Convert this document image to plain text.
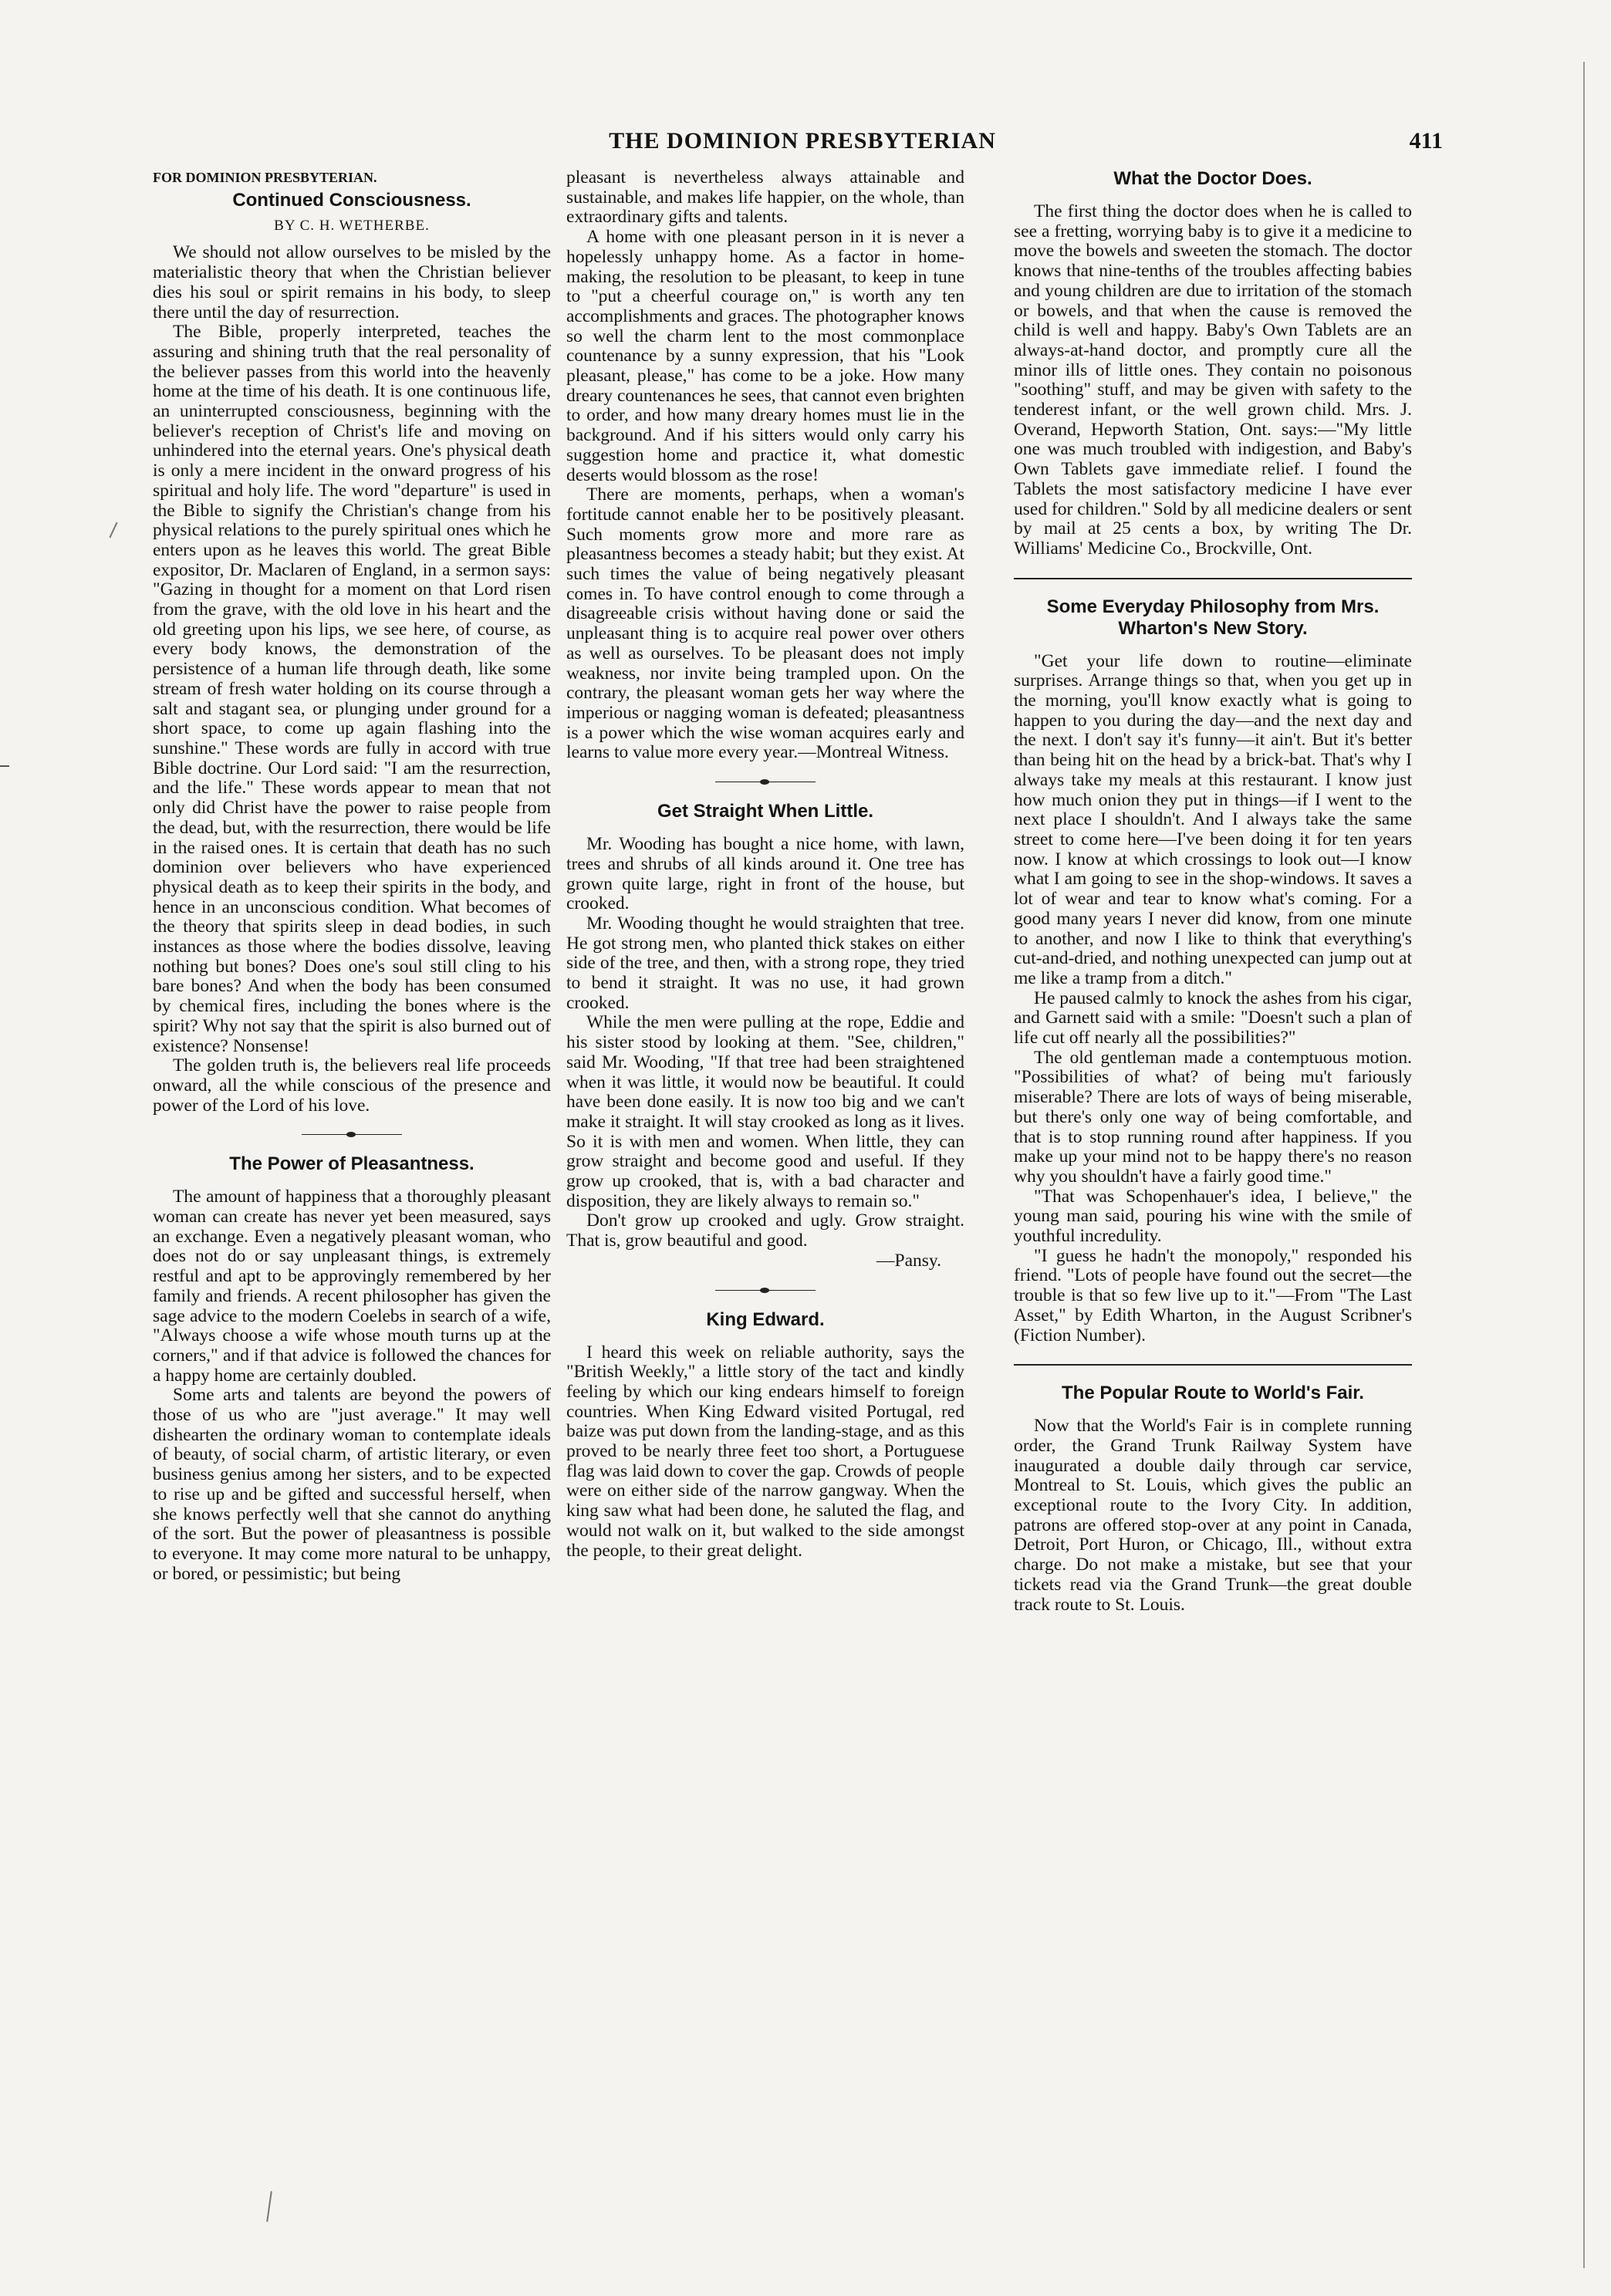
THE DOMINION PRESBYTERIAN	411
FOR DOMINION PRESBYTERIAN.
Continued Consciousness.
BY C. H. WETHERBE.

We should not allow ourselves to be misled by the materialistic theory that when the Christian believer dies his soul or spirit remains in his body, to sleep there until the day of resurrection.

The Bible, properly interpreted, teaches the assuring and shining truth that the real personality of the believer passes from this world into the heavenly home at the time of his death. It is one continuous life, an uninterrupted consciousness, beginning with the believer's reception of Christ's life and moving on unhindered into the eternal years. One's physical death is only a mere incident in the onward progress of his spiritual and holy life. The word "departure" is used in the Bible to signify the Christian's change from his physical relations to the purely spiritual ones which he enters upon as he leaves this world. The great Bible expositor, Dr. Maclaren of England, in a sermon says: "Gazing in thought for a moment on that Lord risen from the grave, with the old love in his heart and the old greeting upon his lips, we see here, of course, as every body knows, the demonstration of the persistence of a human life through death, like some stream of fresh water holding on its course through a salt and stagant sea, or plunging under ground for a short space, to come up again flashing into the sunshine." These words are fully in accord with true Bible doctrine. Our Lord said: "I am the resurrection, and the life." These words appear to mean that not only did Christ have the power to raise people from the dead, but, with the resurrection, there would be life in the raised ones. It is certain that death has no such dominion over believers who have experienced physical death as to keep their spirits in the body, and hence in an unconscious condition. What becomes of the theory that spirits sleep in dead bodies, in such instances as those where the bodies dissolve, leaving nothing but bones? Does one's soul still cling to his bare bones? And when the body has been consumed by chemical fires, including the bones where is the spirit? Why not say that the spirit is also burned out of existence? Nonsense!

The golden truth is, the believers real life proceeds onward, all the while conscious of the presence and power of the Lord of his love.

The Power of Pleasantness.

The amount of happiness that a thoroughly pleasant woman can create has never yet been measured, says an exchange. Even a negatively pleasant woman, who does not do or say unpleasant things, is extremely restful and apt to be approvingly remembered by her family and friends. A recent philosopher has given the sage advice to the modern Coelebs in search of a wife, "Always choose a wife whose mouth turns up at the corners," and if that advice is followed the chances for a happy home are certainly doubled.

Some arts and talents are beyond the powers of those of us who are "just average." It may well dishearten the ordinary woman to contemplate ideals of beauty, of social charm, of artistic literary, or even business genius among her sisters, and to be expected to rise up and be gifted and successful herself, when she knows perfectly well that she cannot do anything of the sort. But the power of pleasantness is possible to everyone. It may come more natural to be unhappy, or bored, or pessimistic; but being

pleasant is nevertheless always attainable and sustainable, and makes life happier, on the whole, than extraordinary gifts and talents.

A home with one pleasant person in it is never a hopelessly unhappy home. As a factor in home-making, the resolution to be pleasant, to keep in tune to "put a cheerful courage on," is worth any ten accomplishments and graces. The photographer knows so well the charm lent to the most commonplace countenance by a sunny expression, that his "Look pleasant, please," has come to be a joke. How many dreary countenances he sees, that cannot even brighten to order, and how many dreary homes must lie in the background. And if his sitters would only carry his suggestion home and practice it, what domestic deserts would blossom as the rose!

There are moments, perhaps, when a woman's fortitude cannot enable her to be positively pleasant. Such moments grow more and more rare as pleasantness becomes a steady habit; but they exist. At such times the value of being negatively pleasant comes in. To have control enough to come through a disagreeable crisis without having done or said the unpleasant thing is to acquire real power over others as well as ourselves. To be pleasant does not imply weakness, nor invite being trampled upon. On the contrary, the pleasant woman gets her way where the imperious or nagging woman is defeated; pleasantness is a power which the wise woman acquires early and learns to value more every year.—Montreal Witness.

Get Straight When Little.

Mr. Wooding has bought a nice home, with lawn, trees and shrubs of all kinds around it. One tree has grown quite large, right in front of the house, but crooked.

Mr. Wooding thought he would straighten that tree. He got strong men, who planted thick stakes on either side of the tree, and then, with a strong rope, they tried to bend it straight. It was no use, it had grown crooked.

While the men were pulling at the rope, Eddie and his sister stood by looking at them. "See, children," said Mr. Wooding, "If that tree had been straightened when it was little, it would now be beautiful. It could have been done easily. It is now too big and we can't make it straight. It will stay crooked as long as it lives. So it is with men and women. When little, they can grow straight and become good and useful. If they grow up crooked, that is, with a bad character and disposition, they are likely always to remain so."

Don't grow up crooked and ugly. Grow straight. That is, grow beautiful and good.

—Pansy.

King Edward.

I heard this week on reliable authority, says the "British Weekly," a little story of the tact and kindly feeling by which our king endears himself to foreign countries. When King Edward visited Portugal, red baize was put down from the landing-stage, and as this proved to be nearly three feet too short, a Portuguese flag was laid down to cover the gap. Crowds of people were on either side of the narrow gangway. When the king saw what had been done, he saluted the flag, and would not walk on it, but walked to the side amongst the people, to their great delight.

What the Doctor Does.

The first thing the doctor does when he is called to see a fretting, worrying baby is to give it a medicine to move the bowels and sweeten the stomach. The doctor knows that nine-tenths of the troubles affecting babies and young children are due to irritation of the stomach or bowels, and that when the cause is removed the child is well and happy. Baby's Own Tablets are an always-at-hand doctor, and promptly cure all the minor ills of little ones. They contain no poisonous "soothing" stuff, and may be given with safety to the tenderest infant, or the well grown child. Mrs. J. Overand, Hepworth Station, Ont. says:—"My little one was much troubled with indigestion, and Baby's Own Tablets gave immediate relief. I found the Tablets the most satisfactory medicine I have ever used for children." Sold by all medicine dealers or sent by mail at 25 cents a box, by writing The Dr. Williams' Medicine Co., Brockville, Ont.

Some Everyday Philosophy from Mrs. Wharton's New Story.

"Get your life down to routine—eliminate surprises. Arrange things so that, when you get up in the morning, you'll know exactly what is going to happen to you during the day—and the next day and the next. I don't say it's funny—it ain't. But it's better than being hit on the head by a brick-bat. That's why I always take my meals at this restaurant. I know just how much onion they put in things—if I went to the next place I shouldn't. And I always take the same street to come here—I've been doing it for ten years now. I know at which crossings to look out—I know what I am going to see in the shop-windows. It saves a lot of wear and tear to know what's coming. For a good many years I never did know, from one minute to another, and now I like to think that everything's cut-and-dried, and nothing unexpected can jump out at me like a tramp from a ditch."

He paused calmly to knock the ashes from his cigar, and Garnett said with a smile: "Doesn't such a plan of life cut off nearly all the possibilities?"

The old gentleman made a contemptuous motion. "Possibilities of what? of being mu't fariously miserable? There are lots of ways of being miserable, but there's only one way of being comfortable, and that is to stop running round after happiness. If you make up your mind not to be happy there's no reason why you shouldn't have a fairly good time."

"That was Schopenhauer's idea, I believe," the young man said, pouring his wine with the smile of youthful incredulity.

"I guess he hadn't the monopoly," responded his friend. "Lots of people have found out the secret—the trouble is that so few live up to it."—From "The Last Asset," by Edith Wharton, in the August Scribner's (Fiction Number).

The Popular Route to World's Fair.

Now that the World's Fair is in complete running order, the Grand Trunk Railway System have inaugurated a double daily through car service, Montreal to St. Louis, which gives the public an exceptional route to the Ivory City. In addition, patrons are offered stop-over at any point in Canada, Detroit, Port Huron, or Chicago, Ill., without extra charge. Do not make a mistake, but see that your tickets read via the Grand Trunk—the great double track route to St. Louis.
